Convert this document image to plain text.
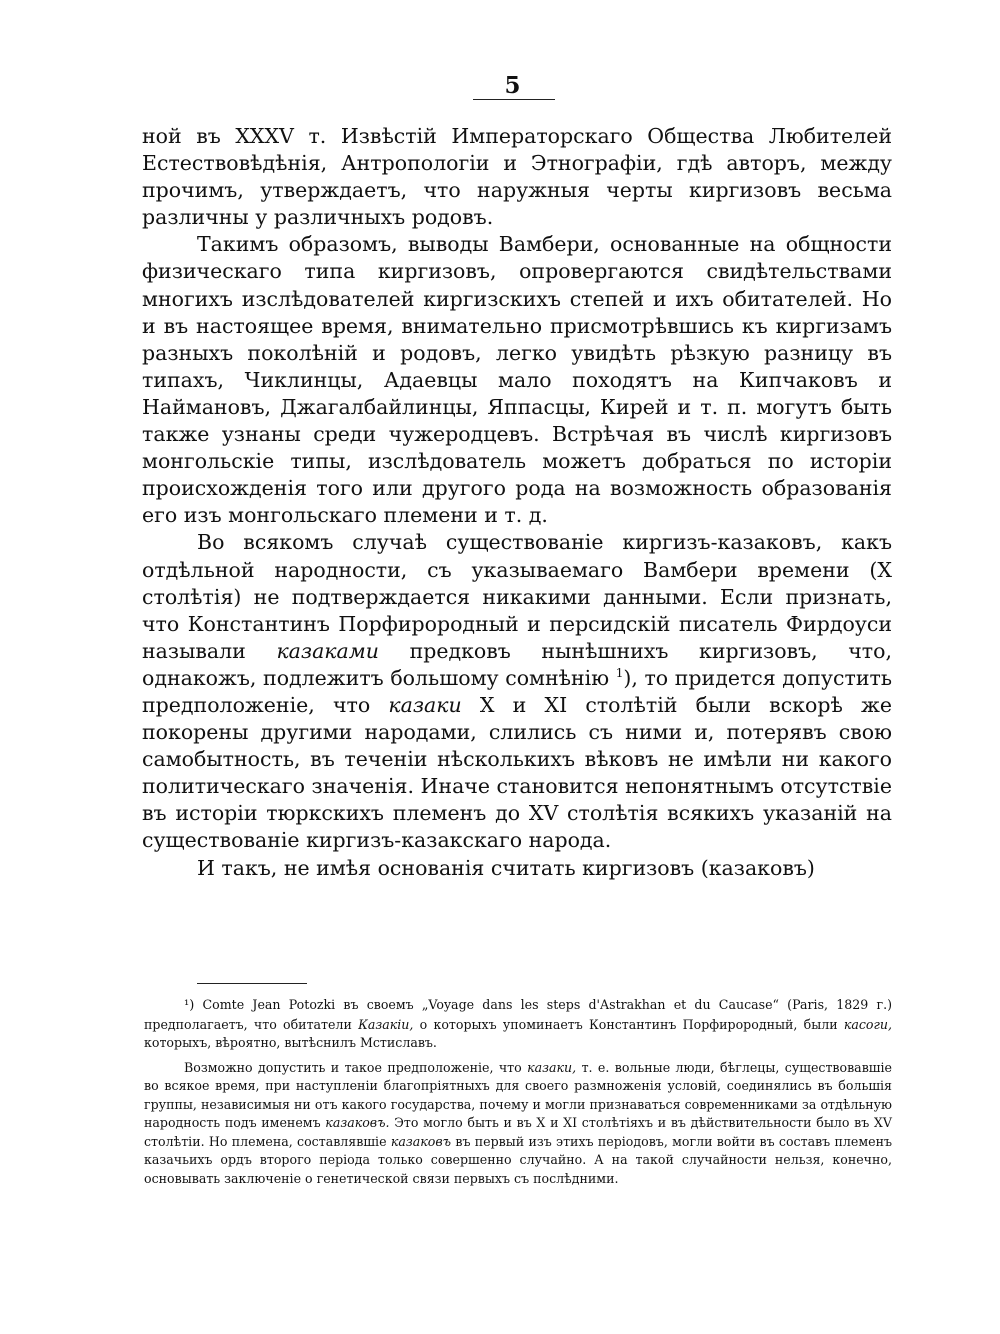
5

ной въ XXXV т. Извѣстій Императорскаго Общества Любителей Естествовѣдѣнія, Антропологіи и Этнографіи, гдѣ авторъ, между прочимъ, утверждаетъ, что наружныя черты киргизовъ весьма различны у различныхъ родовъ.

Такимъ образомъ, выводы Вамбери, основанные на общности физическаго типа киргизовъ, опровергаются свидѣтельствами многихъ изслѣдователей киргизскихъ степей и ихъ обитателей. Но и въ настоящее время, внимательно присмотрѣвшись къ киргизамъ разныхъ поколѣній и родовъ, легко увидѣть рѣзкую разницу въ типахъ, Чиклинцы, Адаевцы мало походятъ на Кипчаковъ и Наймановъ, Джагалбайлинцы, Яппасцы, Кирей и т. п. могутъ быть также узнаны среди чужеродцевъ. Встрѣчая въ числѣ киргизовъ монгольскіе типы, изслѣдователь можетъ добраться по исторіи происхожденія того или другого рода на возможность образованія его изъ монгольскаго племени и т. д.

Во всякомъ случаѣ существованіе киргизъ-казаковъ, какъ отдѣльной народности, съ указываемаго Вамбери времени (X столѣтія) не подтверждается никакими данными. Если признать, что Константинъ Порфирородный и персидскій писатель Фирдоуси называли казаками предковъ нынѣшнихъ киргизовъ, что, однакожъ, подлежитъ большому сомнѣнію $^1$), то придется допустить предположеніе, что казаки X и XI столѣтій были вскорѣ же покорены другими народами, слились съ ними и, потерявъ свою самобытность, въ теченіи нѣсколькихъ вѣковъ не имѣли ни какого политическаго значенія. Иначе становится непонятнымъ отсутствіе въ исторіи тюркскихъ племенъ до XV столѣтія всякихъ указаній на существованіе киргизъ-казакскаго народа.

И такъ, не имѣя основанія считать киргизовъ (казаковъ)

¹) Comte Jean Potozki въ своемъ „Voyage dans les steps d'Astrakhan et du Caucase“ (Paris, 1829 г.) предполагаетъ, что обитатели Казакіи, о которыхъ упоминаетъ Константинъ Порфирородный, были касоги, которыхъ, вѣроятно, вытѣснилъ Мстиславъ.

Возможно допустить и такое предположеніе, что казаки, т. е. вольные люди, бѣглецы, существовавшіе во всякое время, при наступленіи благопріятныхъ для своего размноженія условій, соединялись въ большія группы, независимыя ни отъ какого государства, почему и могли признаваться современниками за отдѣльную народность подъ именемъ казаковъ. Это могло быть и въ X и XI столѣтіяхъ и въ дѣйствительности было въ XV столѣтіи. Но племена, составлявшіе казаковъ въ первый изъ этихъ періодовъ, могли войти въ составъ племенъ казачьихъ ордъ второго періода только совершенно случайно. А на такой случайности нельзя, конечно, основывать заключеніе о генетической связи первыхъ съ послѣдними.
